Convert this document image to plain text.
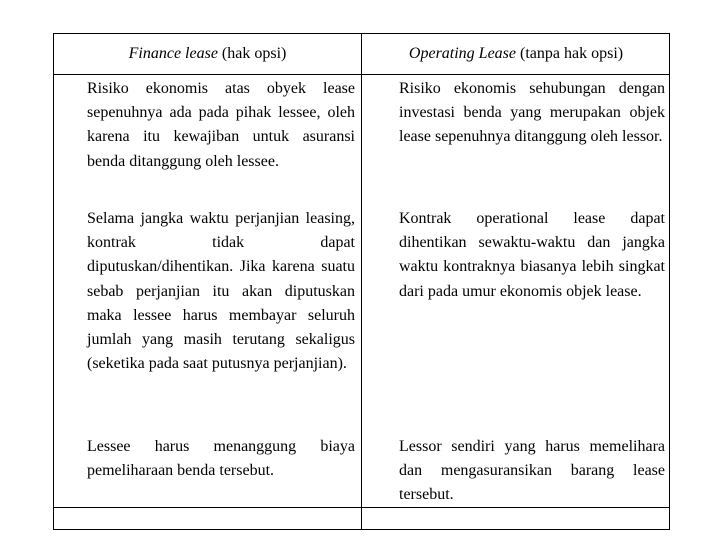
Finance lease (hak opsi)	Operating Lease (tanpa hak opsi)
Risiko ekonomis atas obyek lease sepenuhnya ada pada pihak lessee, oleh karena itu kewajiban untuk asuransi benda ditanggung oleh lessee.
Risiko ekonomis sehubungan dengan investasi benda yang merupakan objek lease sepenuhnya ditanggung oleh lessor.
Selama jangka waktu perjanjian leasing, kontrak tidak dapat diputuskan/dihentikan. Jika karena suatu sebab perjanjian itu akan diputuskan maka lessee harus membayar seluruh jumlah yang masih terutang sekaligus (seketika pada saat putusnya perjanjian).
Kontrak operational lease dapat dihentikan sewaktu-waktu dan jangka waktu kontraknya biasanya lebih singkat dari pada umur ekonomis objek lease.
Lessee harus menanggung biaya pemeliharaan benda tersebut.
Lessor sendiri yang harus memelihara dan mengasuransikan barang lease tersebut.
